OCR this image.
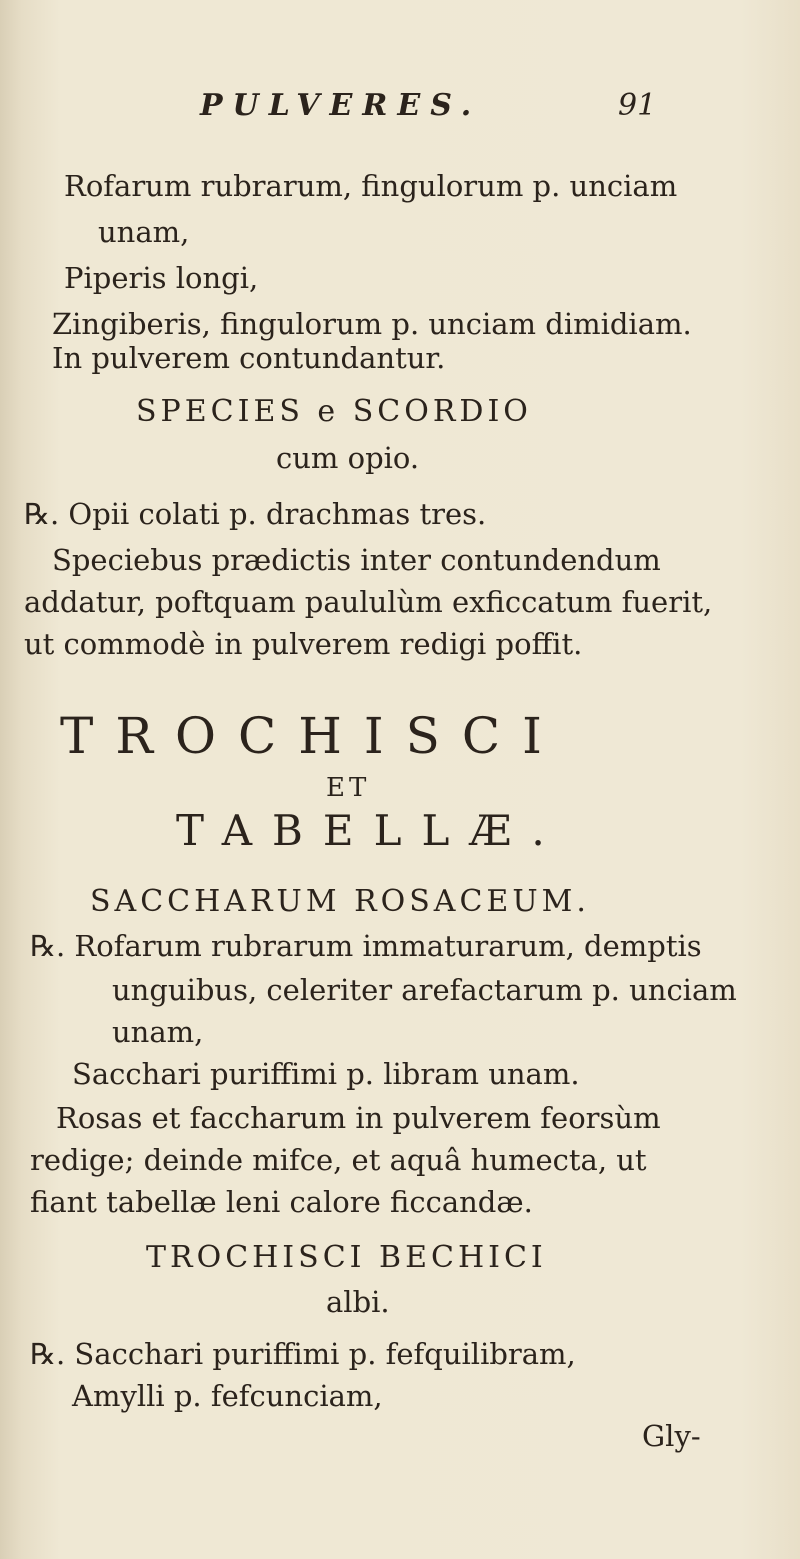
PULVERES.	91
Rofarum rubrarum, fingulorum p. unciam
unam,
Piperis longi,
Zingiberis, fingulorum p. unciam dimidiam.
In pulverem contundantur.
SPECIES e SCORDIO
cum opio.
℞. Opii colati p. drachmas tres.
Speciebus prædictis inter contundendum
addatur, poftquam paululùm exficcatum fuerit,
ut commodè in pulverem redigi poffit.
TROCHISCI
ET
TABELLÆ.
SACCHARUM ROSACEUM.
℞. Rofarum rubrarum immaturarum, demptis
unguibus, celeriter arefactarum p. unciam
unam,
Sacchari puriffimi p. libram unam.
Rosas et faccharum in pulverem feorsùm
redige; deinde mifce, et aquâ humecta, ut
fiant tabellæ leni calore ficcandæ.
TROCHISCI BECHICI
albi.
℞. Sacchari puriffimi p. fefquilibram,
Amylli p. fefcunciam,
Gly-
